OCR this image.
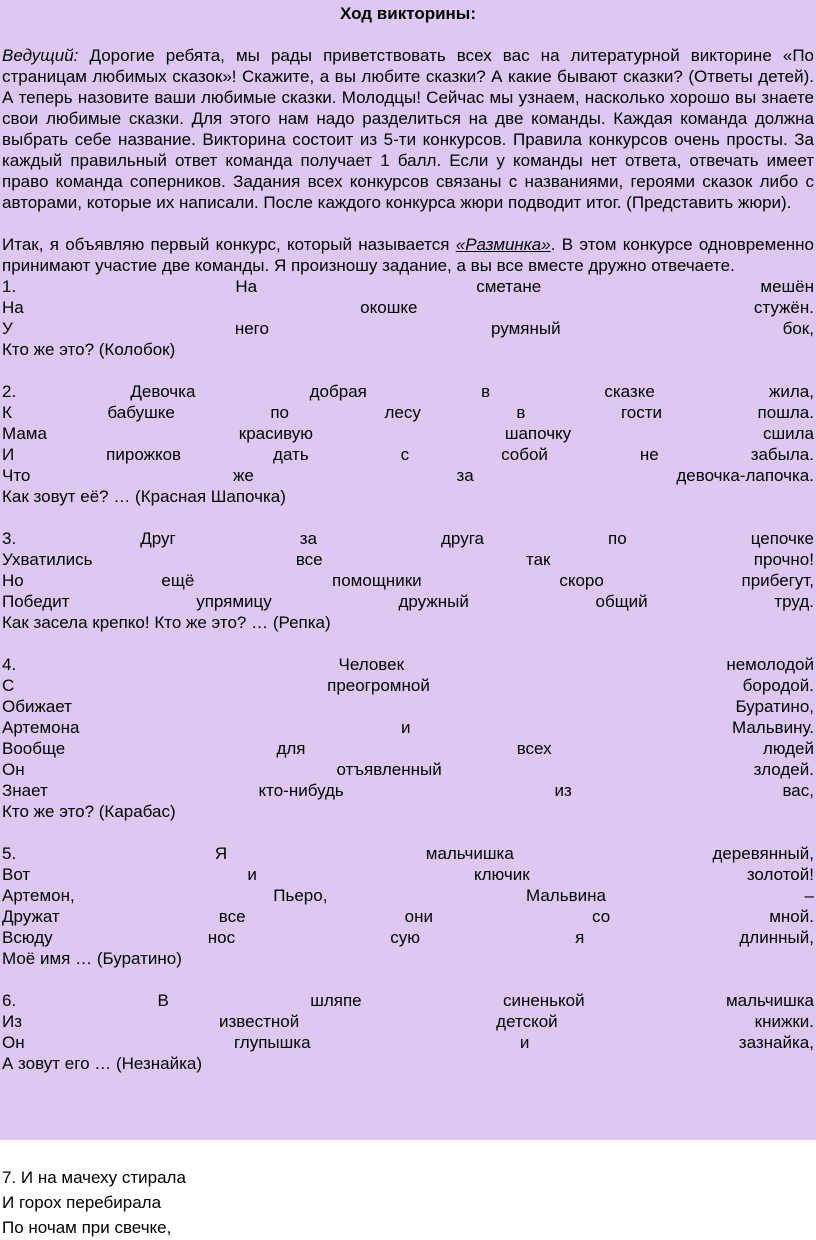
Ход викторины:
Ведущий: Дорогие ребята, мы рады приветствовать всех вас на литературной викторине «По страницам любимых сказок»! Скажите, а вы любите сказки? А какие бывают сказки? (Ответы детей). А теперь назовите ваши любимые сказки. Молодцы! Сейчас мы узнаем, насколько хорошо вы знаете свои любимые сказки. Для этого нам надо разделиться на две команды. Каждая команда должна выбрать себе название. Викторина состоит из 5-ти конкурсов. Правила конкурсов очень просты. За каждый правильный ответ команда получает 1 балл. Если у команды нет ответа, отвечать имеет право команда соперников. Задания всех конкурсов связаны с названиями, героями сказок либо с авторами, которые их написали. После каждого конкурса жюри подводит итог. (Представить жюри).
Итак, я объявляю первый конкурс, который называется «Разминка». В этом конкурсе одновременно принимают участие две команды. Я произношу задание, а вы все вместе дружно отвечаете.
1.	На	сметане	мешён
На	окошке	стужён.
У	него	румяный	бок,
Кто же это? (Колобок)
2.	Девочка	добрая	в	сказке	жила,
К	бабушке	по	лесу	в	гости	пошла.
Мама	красивую	шапочку	сшила
И	пирожков	дать	с	собой	не	забыла.
Что	же	за	девочка-лапочка.
Как зовут её? … (Красная Шапочка)
3.	Друг	за	друга	по	цепочке
Ухватились	все	так	прочно!
Но	ещё	помощники	скоро	прибегут,
Победит	упрямицу	дружный	общий	труд.
Как засела крепко! Кто же это? … (Репка)
4.	Человек	немолодой
С	преогромной	бородой.
Обижает	Буратино,
Артемона	и	Мальвину.
Вообще	для	всех	людей
Он	отъявленный	злодей.
Знает	кто-нибудь	из	вас,
Кто же это? (Карабас)
5.	Я	мальчишка	деревянный,
Вот	и	ключик	золотой!
Артемон,	Пьеро,	Мальвина	–
Дружат	все	они	со	мной.
Всюду	нос	сую	я	длинный,
Моё имя … (Буратино)
6.	В	шляпе	синенькой	мальчишка
Из	известной	детской	книжки.
Он	глупышка	и	зазнайка,
А зовут его … (Незнайка)
7. И на мачеху стирала
И горох перебирала
По ночам при свечке,
